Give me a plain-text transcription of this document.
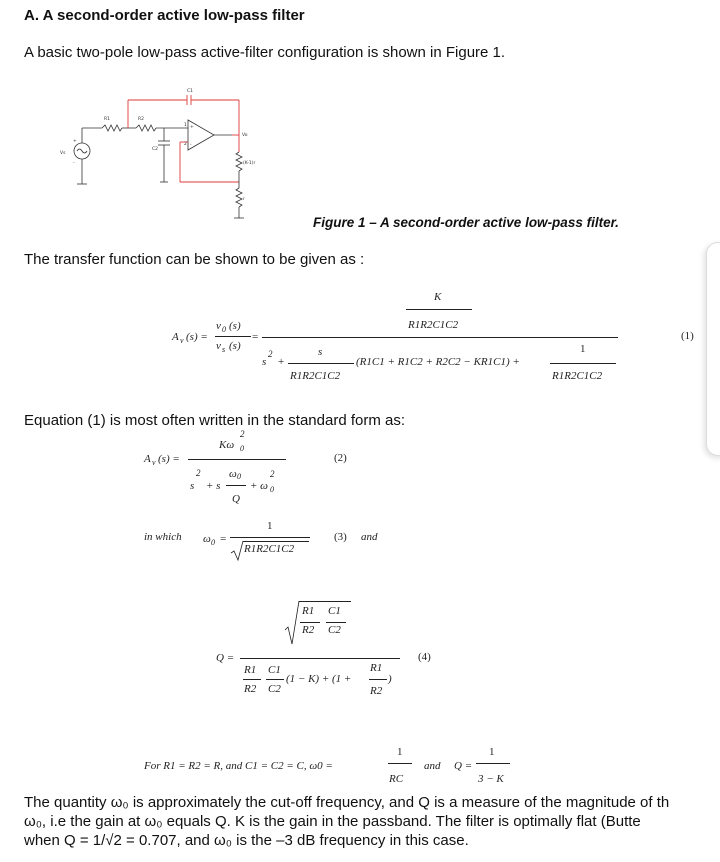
A. A second-order active low-pass filter
A basic two-pole low-pass active-filter configuration is shown in Figure 1.
R1	R2
C1
C2
Vs
Vo
(K-1)r
r
+
-
1
2
+
-
Figure 1 – A second-order active low-pass filter.
The transfer function can be shown to be given as :
A v (s) =
v 0 (s)
v s (s)
=
K
R1R2C1C2
s
2
+
s
R1R2C1C2
(R1C1 + R1C2 + R2C2 − KR1C1) +
1
R1R2C1C2
(1)
Equation (1) is most often written in the standard form as:
A v (s) =
Kω 0
2
s
2
+ s
ω 0
Q
+ ω 0
2
(2)
in which ω 0 =
1
R1R2C1C2
(3) and
Q =
R1 C1
R2 C2
R1 C1
R2 C2
(1 − K) + (1 +
R1
R2
)
(4)
For R1 = R2 = R, and C1 = C2 = C, ω0 =
1
RC
and Q =
1
3 − K
The quantity ω₀ is approximately the cut-off frequency, and Q is a measure of the magnitude of th
ω₀, i.e the gain at ω₀ equals Q. K is the gain in the passband. The filter is optimally flat (Butte
when Q = 1/√2 = 0.707, and ω₀ is the –3 dB frequency in this case.
